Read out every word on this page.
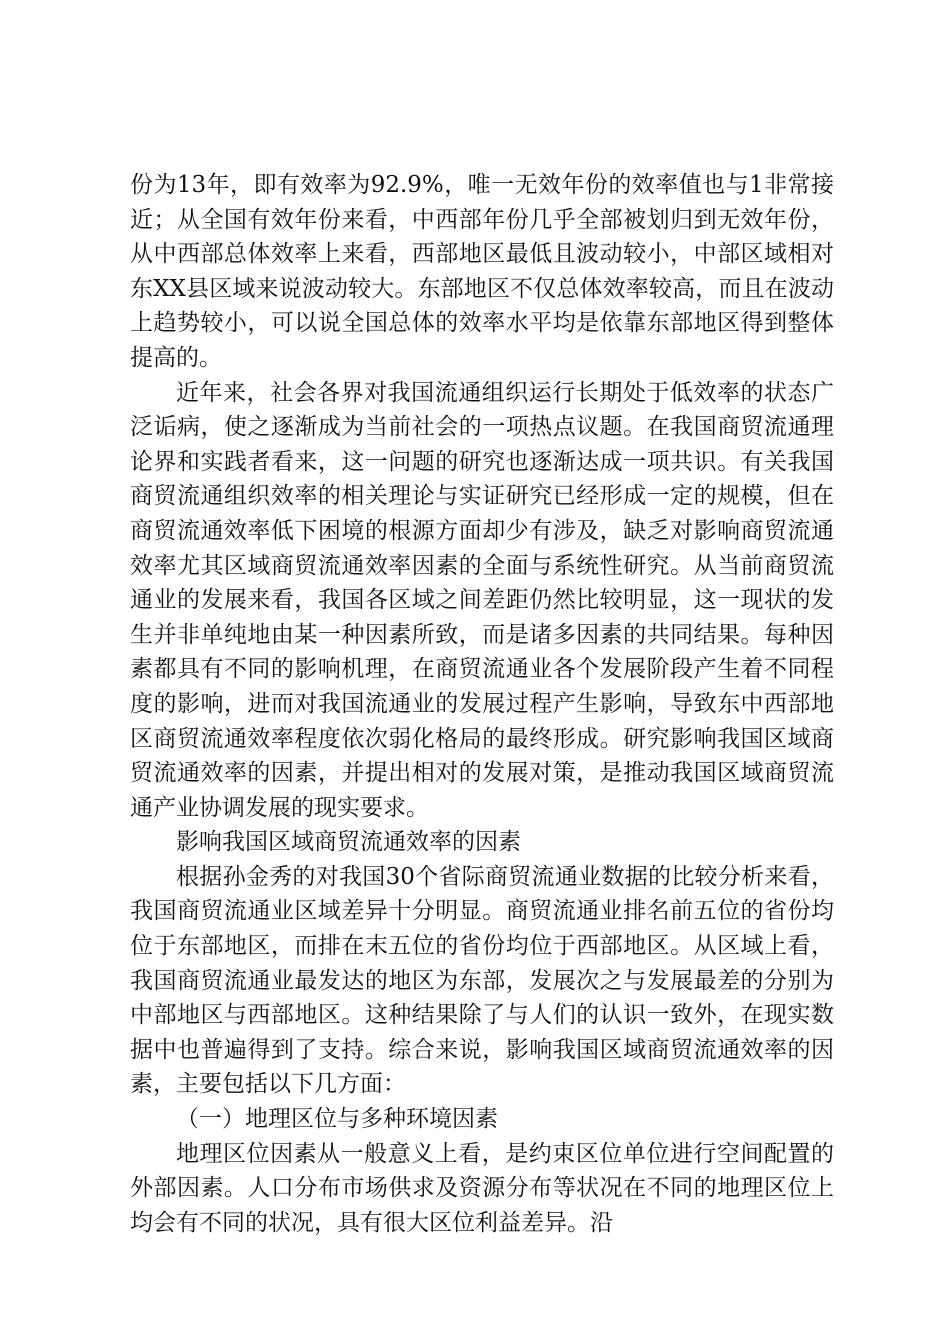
份为13年，即有效率为92.9%，唯一无效年份的效率值也与1非常接近；从全国有效年份来看，中西部年份几乎全部被划归到无效年份，从中西部总体效率上来看，西部地区最低且波动较小，中部区域相对东XX县区域来说波动较大。东部地区不仅总体效率较高，而且在波动上趋势较小，可以说全国总体的效率水平均是依靠东部地区得到整体提高的。

近年来，社会各界对我国流通组织运行长期处于低效率的状态广泛诟病，使之逐渐成为当前社会的一项热点议题。在我国商贸流通理论界和实践者看来，这一问题的研究也逐渐达成一项共识。有关我国商贸流通组织效率的相关理论与实证研究已经形成一定的规模，但在商贸流通效率低下困境的根源方面却少有涉及，缺乏对影响商贸流通效率尤其区域商贸流通效率因素的全面与系统性研究。从当前商贸流通业的发展来看，我国各区域之间差距仍然比较明显，这一现状的发生并非单纯地由某一种因素所致，而是诸多因素的共同结果。每种因素都具有不同的影响机理，在商贸流通业各个发展阶段产生着不同程度的影响，进而对我国流通业的发展过程产生影响，导致东中西部地区商贸流通效率程度依次弱化格局的最终形成。研究影响我国区域商贸流通效率的因素，并提出相对的发展对策，是推动我国区域商贸流通产业协调发展的现实要求。

影响我国区域商贸流通效率的因素

根据孙金秀的对我国30个省际商贸流通业数据的比较分析来看，我国商贸流通业区域差异十分明显。商贸流通业排名前五位的省份均位于东部地区，而排在末五位的省份均位于西部地区。从区域上看，我国商贸流通业最发达的地区为东部，发展次之与发展最差的分别为中部地区与西部地区。这种结果除了与人们的认识一致外，在现实数据中也普遍得到了支持。综合来说，影响我国区域商贸流通效率的因素，主要包括以下几方面：

（一）地理区位与多种环境因素

地理区位因素从一般意义上看，是约束区位单位进行空间配置的外部因素。人口分布市场供求及资源分布等状况在不同的地理区位上均会有不同的状况，具有很大区位利益差异。沿
